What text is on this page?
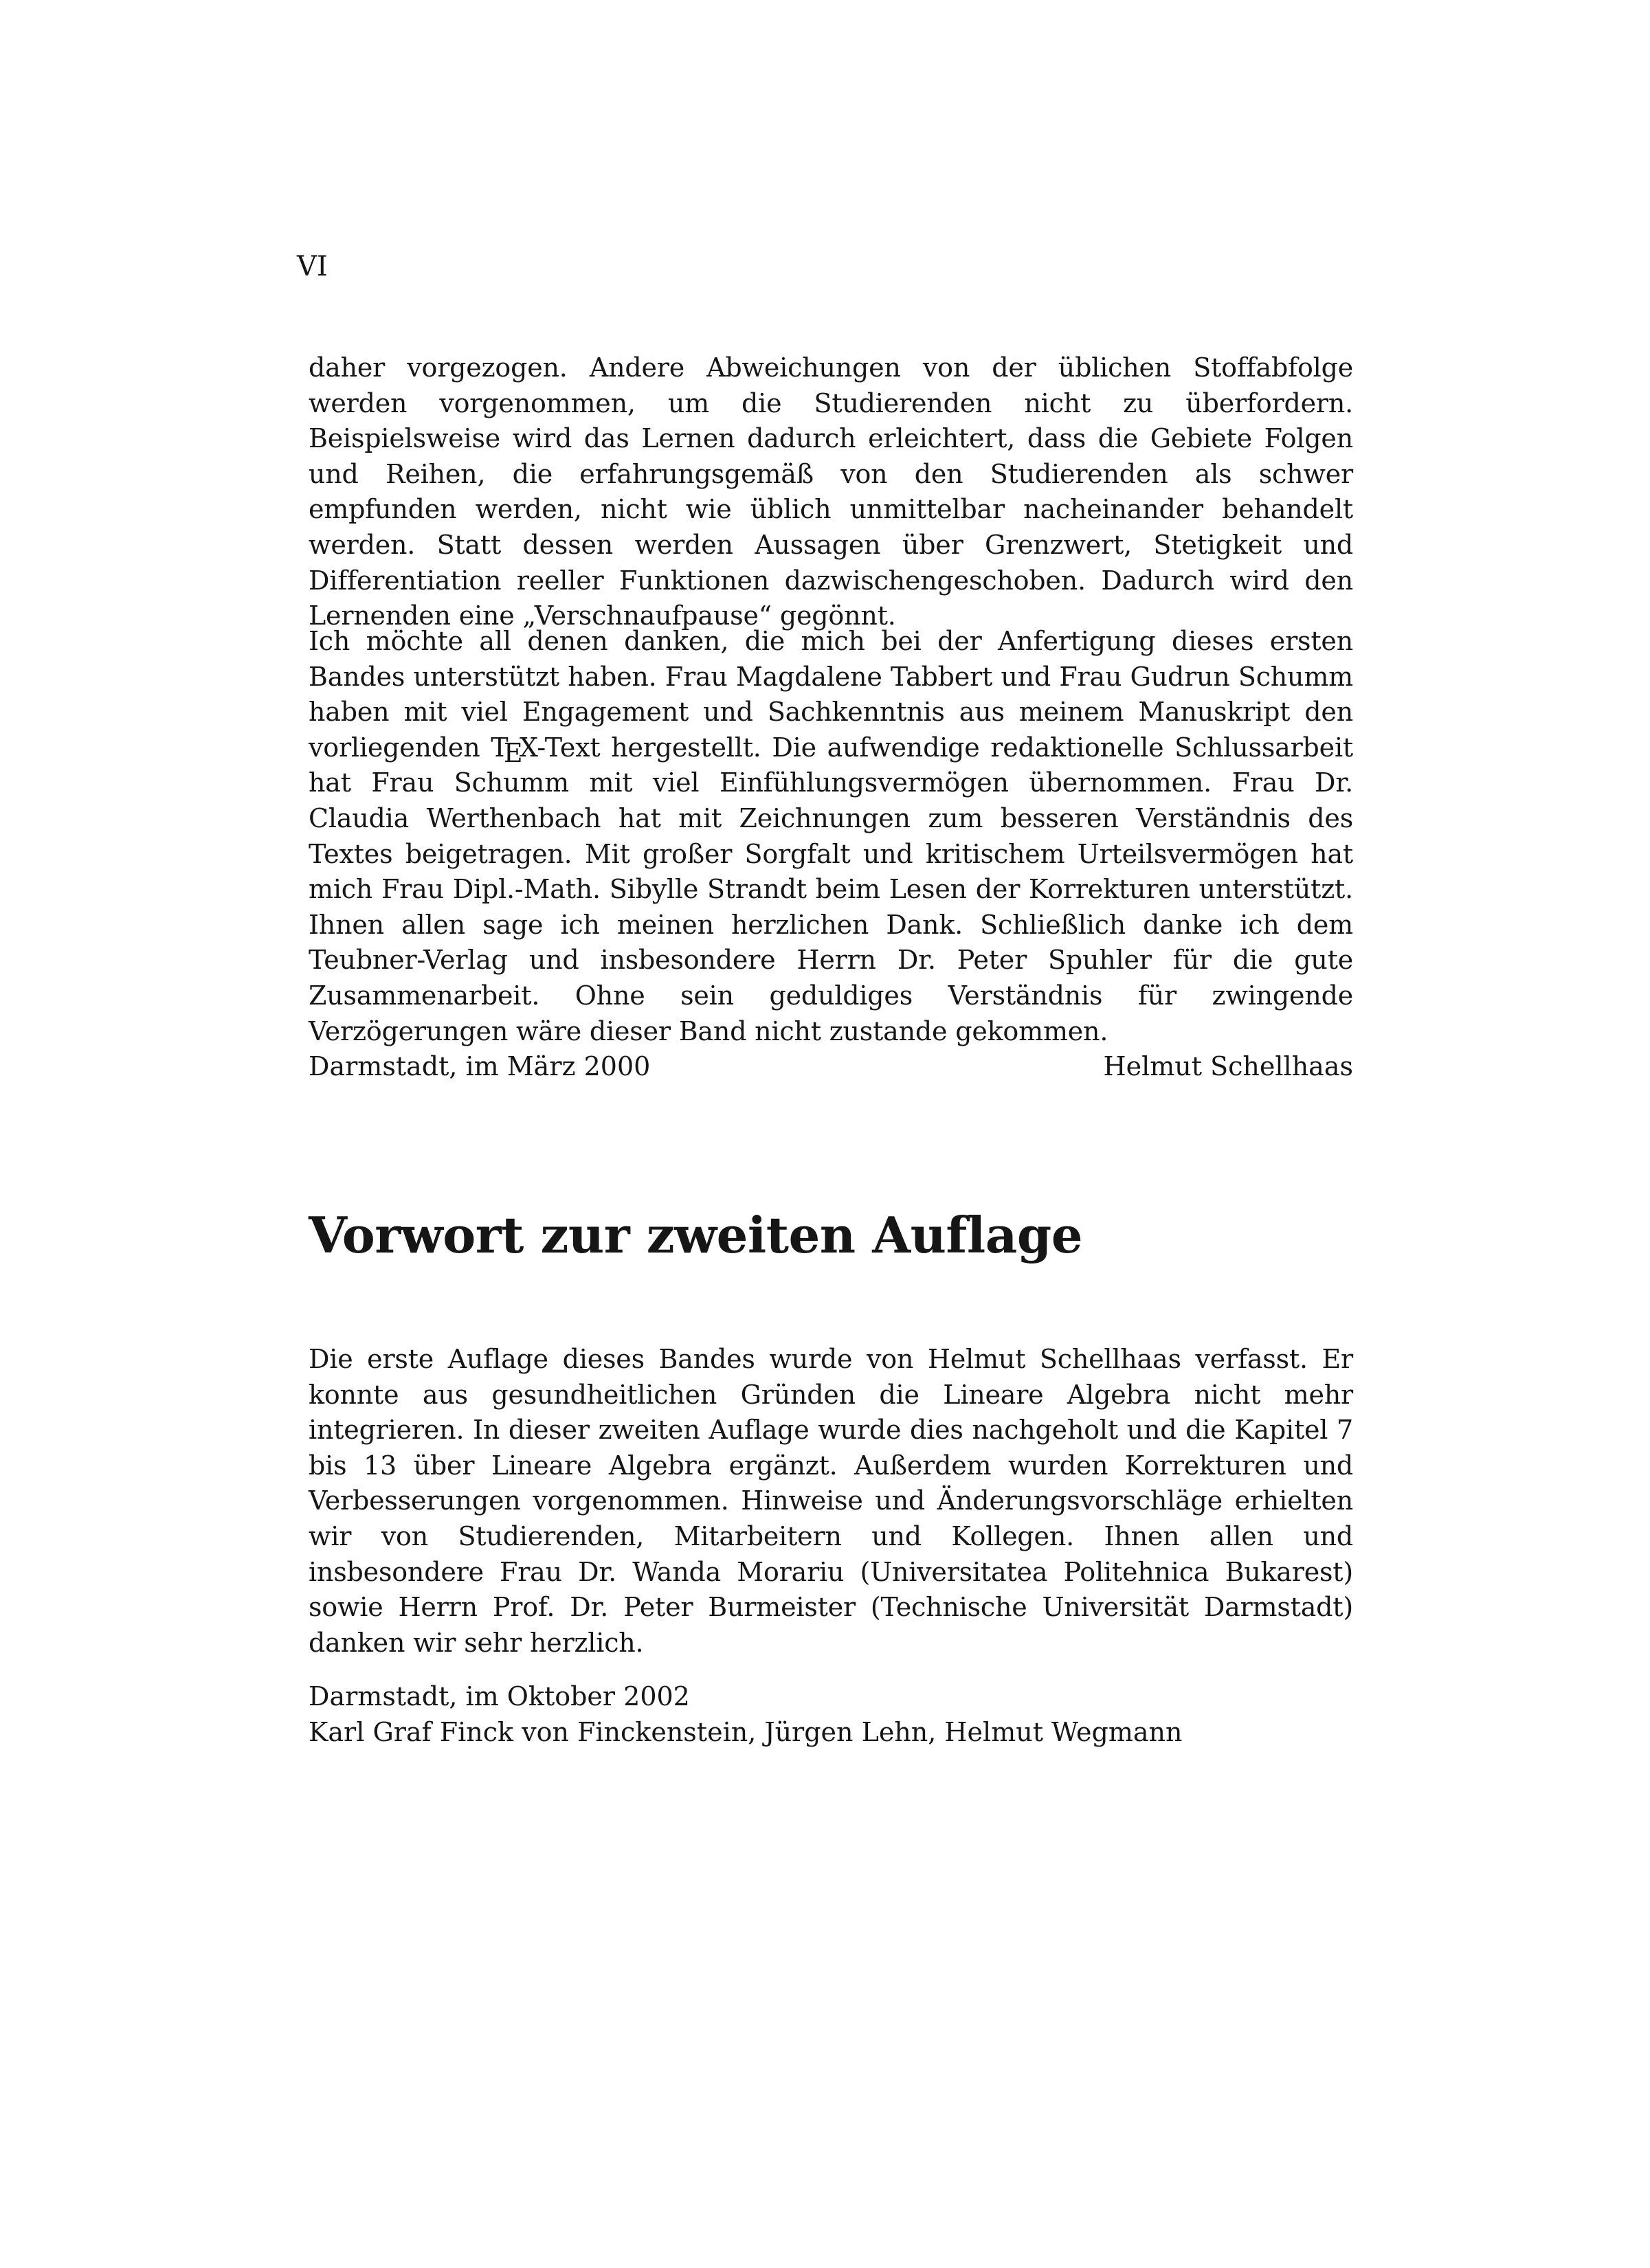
VI

daher vorgezogen. Andere Abweichungen von der üblichen Stoffabfolge werden vorgenommen, um die Studierenden nicht zu überfordern. Beispielsweise wird das Lernen dadurch erleichtert, dass die Gebiete Folgen und Reihen, die erfahrungsgemäß von den Studierenden als schwer empfunden werden, nicht wie üblich unmittelbar nacheinander behandelt werden. Statt dessen werden Aussagen über Grenzwert, Stetigkeit und Differentiation reeller Funktionen dazwischengeschoben. Dadurch wird den Lernenden eine „Verschnaufpause“ gegönnt.

Ich möchte all denen danken, die mich bei der Anfertigung dieses ersten Bandes unterstützt haben. Frau Magdalene Tabbert und Frau Gudrun Schumm haben mit viel Engagement und Sachkenntnis aus meinem Manuskript den vorliegenden TEX-Text hergestellt. Die aufwendige redaktionelle Schlussarbeit hat Frau Schumm mit viel Einfühlungsvermögen übernommen. Frau Dr. Claudia Werthenbach hat mit Zeichnungen zum besseren Verständnis des Textes beigetragen. Mit großer Sorgfalt und kritischem Urteilsvermögen hat mich Frau Dipl.-Math. Sibylle Strandt beim Lesen der Korrekturen unterstützt. Ihnen allen sage ich meinen herzlichen Dank. Schließlich danke ich dem Teubner-Verlag und insbesondere Herrn Dr. Peter Spuhler für die gute Zusammenarbeit. Ohne sein geduldiges Verständnis für zwingende Verzögerungen wäre dieser Band nicht zustande gekommen.

Darmstadt, im März 2000	Helmut Schellhaas
Vorwort zur zweiten Auflage

Die erste Auflage dieses Bandes wurde von Helmut Schellhaas verfasst. Er konnte aus gesundheitlichen Gründen die Lineare Algebra nicht mehr integrieren. In dieser zweiten Auflage wurde dies nachgeholt und die Kapitel 7 bis 13 über Lineare Algebra ergänzt. Außerdem wurden Korrekturen und Verbesserungen vorgenommen. Hinweise und Änderungsvorschläge erhielten wir von Studierenden, Mitarbeitern und Kollegen. Ihnen allen und insbesondere Frau Dr. Wanda Morariu (Universitatea Politehnica Bukarest) sowie Herrn Prof. Dr. Peter Burmeister (Technische Universität Darmstadt) danken wir sehr herzlich.

Darmstadt, im Oktober 2002
Karl Graf Finck von Finckenstein, Jürgen Lehn, Helmut Wegmann
